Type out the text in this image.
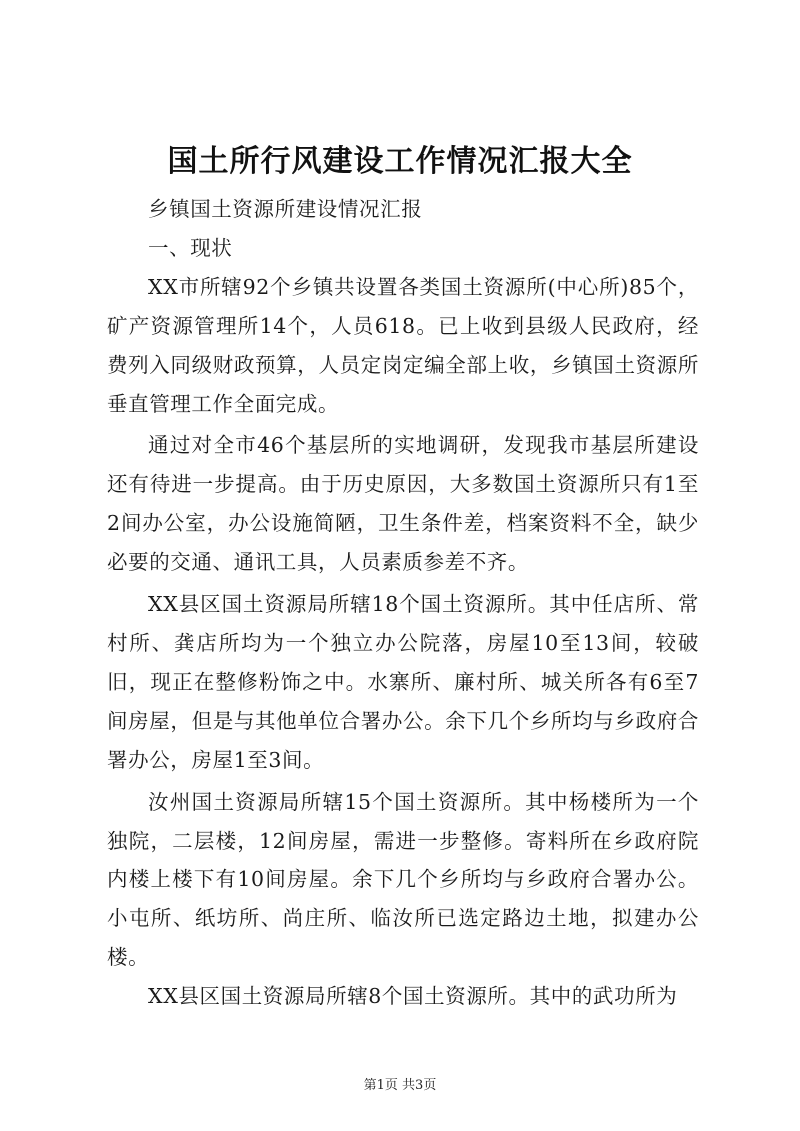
国土所行风建设工作情况汇报大全

乡镇国土资源所建设情况汇报

一、现状

XX市所辖92个乡镇共设置各类国土资源所(中心所)85个，矿产资源管理所14个，人员618。已上收到县级人民政府，经费列入同级财政预算，人员定岗定编全部上收，乡镇国土资源所垂直管理工作全面完成。

通过对全市46个基层所的实地调研，发现我市基层所建设还有待进一步提高。由于历史原因，大多数国土资源所只有1至2间办公室，办公设施简陋，卫生条件差，档案资料不全，缺少必要的交通、通讯工具，人员素质参差不齐。

XX县区国土资源局所辖18个国土资源所。其中任店所、常村所、龚店所均为一个独立办公院落，房屋10至13间，较破旧，现正在整修粉饰之中。水寨所、廉村所、城关所各有6至7间房屋，但是与其他单位合署办公。余下几个乡所均与乡政府合署办公，房屋1至3间。

汝州国土资源局所辖15个国土资源所。其中杨楼所为一个独院，二层楼，12间房屋，需进一步整修。寄料所在乡政府院内楼上楼下有10间房屋。余下几个乡所均与乡政府合署办公。小屯所、纸坊所、尚庄所、临汝所已选定路边土地，拟建办公楼。

XX县区国土资源局所辖8个国土资源所。其中的武功所为

第1页 共3页
